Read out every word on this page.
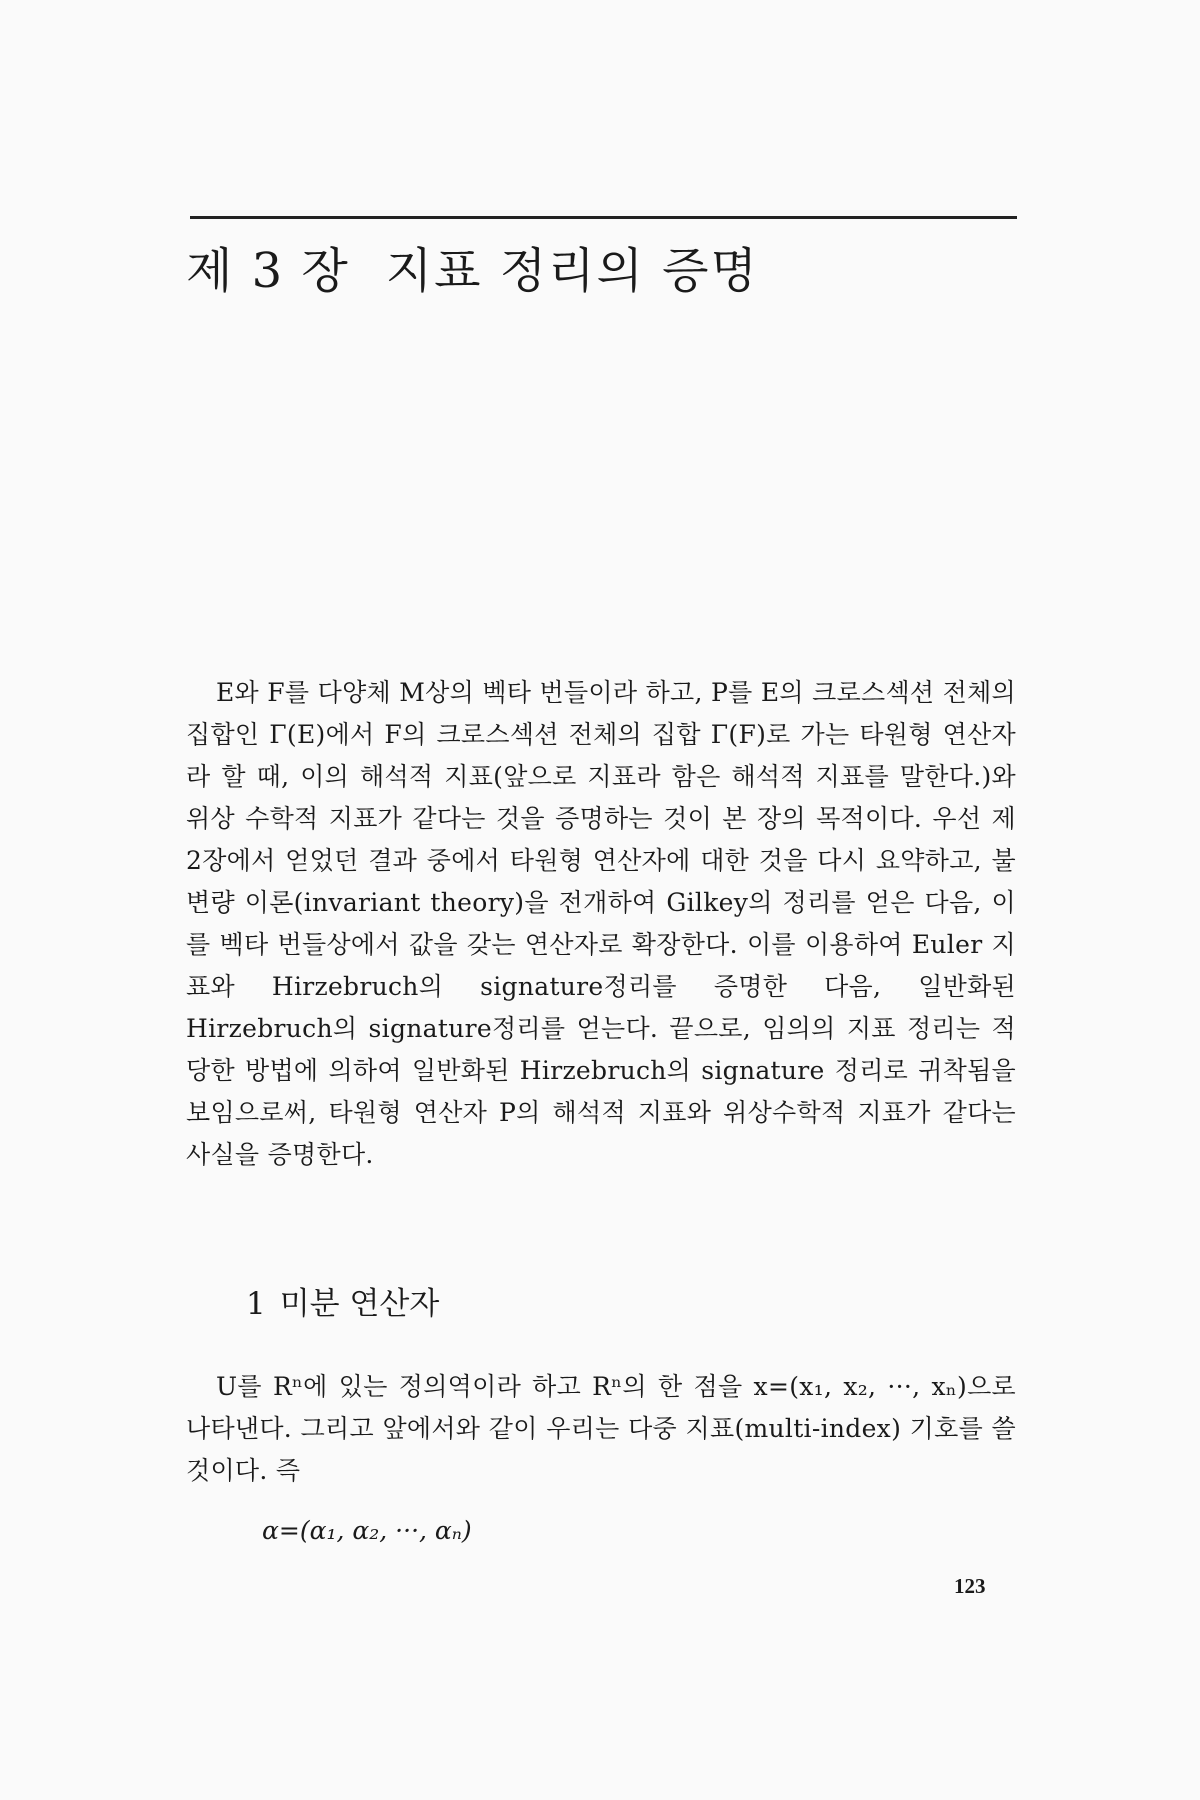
제 3 장 지표 정리의 증명

E와 F를 다양체 M상의 벡타 번들이라 하고, P를 E의 크로스섹션 전체의 집합인 Γ(E)에서 F의 크로스섹션 전체의 집합 Γ(F)로 가는 타원형 연산자라 할 때, 이의 해석적 지표(앞으로 지표라 함은 해석적 지표를 말한다.)와 위상 수학적 지표가 같다는 것을 증명하는 것이 본 장의 목적이다. 우선 제 2장에서 얻었던 결과 중에서 타원형 연산자에 대한 것을 다시 요약하고, 불변량 이론(invariant theory)을 전개하여 Gilkey의 정리를 얻은 다음, 이를 벡타 번들상에서 값을 갖는 연산자로 확장한다. 이를 이용하여 Euler 지표와 Hirzebruch의 signature정리를 증명한 다음, 일반화된 Hirzebruch의 signature정리를 얻는다. 끝으로, 임의의 지표 정리는 적당한 방법에 의하여 일반화된 Hirzebruch의 signature 정리로 귀착됨을 보임으로써, 타원형 연산자 P의 해석적 지표와 위상수학적 지표가 같다는 사실을 증명한다.

1 미분 연산자

U를 Rⁿ에 있는 정의역이라 하고 Rⁿ의 한 점을 x=(x₁, x₂, ···, xₙ)으로 나타낸다. 그리고 앞에서와 같이 우리는 다중 지표(multi-index) 기호를 쓸 것이다. 즉

α=(α₁, α₂, ···, αₙ)

123
